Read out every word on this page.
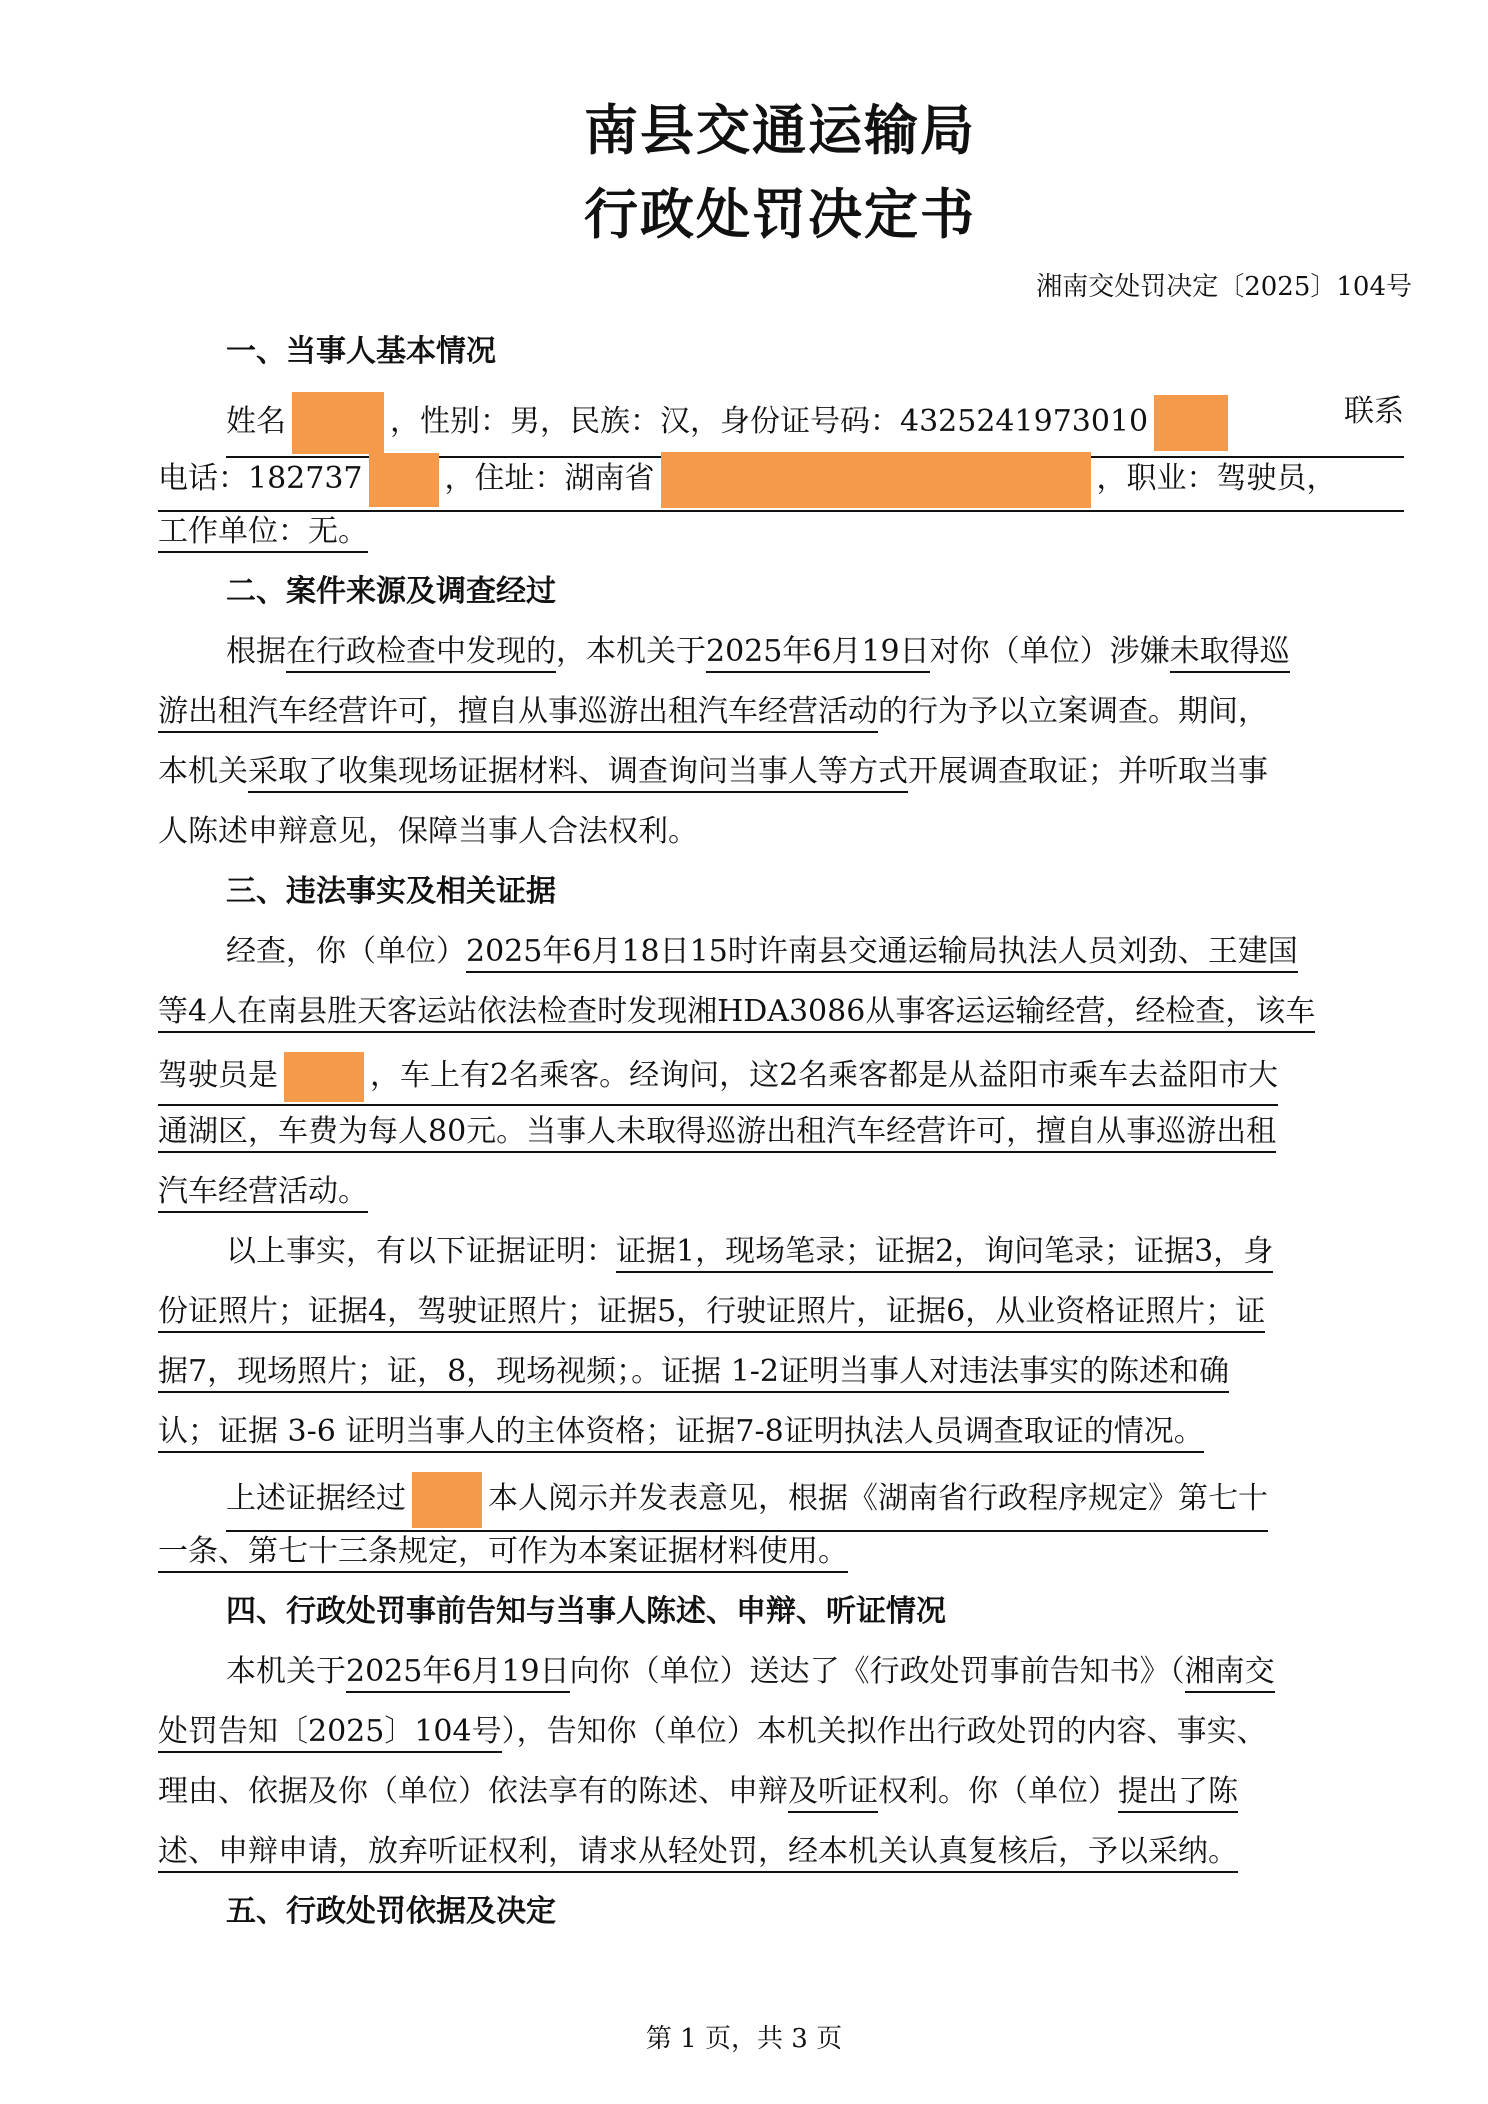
南县交通运输局
行政处罚决定书
湘南交处罚决定〔2025〕104号
一、当事人基本情况
姓名	，性别：男，民族：汉，身份证号码：4325241973010	联系
电话：182737	，住址：湖南省	，职业：驾驶员，
工作单位：无。
二、案件来源及调查经过
根据在行政检查中发现的，本机关于2025年6月19日对你（单位）涉嫌未取得巡
游出租汽车经营许可，擅自从事巡游出租汽车经营活动的行为予以立案调查。期间，
本机关采取了收集现场证据材料、调查询问当事人等方式开展调查取证；并听取当事
人陈述申辩意见，保障当事人合法权利。
三、违法事实及相关证据
经查，你（单位）2025年6月18日15时许南县交通运输局执法人员刘劲、王建国
等4人在南县胜天客运站依法检查时发现湘HDA3086从事客运运输经营，经检查，该车
驾驶员是	，车上有2名乘客。经询问，这2名乘客都是从益阳市乘车去益阳市大
通湖区，车费为每人80元。当事人未取得巡游出租汽车经营许可，擅自从事巡游出租
汽车经营活动。
以上事实，有以下证据证明：证据1，现场笔录；证据2，询问笔录；证据3，身
份证照片；证据4，驾驶证照片；证据5，行驶证照片，证据6，从业资格证照片；证
据7，现场照片；证，8，现场视频；。证据 1-2证明当事人对违法事实的陈述和确
认；证据 3-6 证明当事人的主体资格；证据7-8证明执法人员调查取证的情况。
上述证据经过	本人阅示并发表意见，根据《湖南省行政程序规定》第七十
一条、第七十三条规定，可作为本案证据材料使用。
四、行政处罚事前告知与当事人陈述、申辩、听证情况
本机关于2025年6月19日向你（单位）送达了《行政处罚事前告知书》（湘南交
处罚告知〔2025〕104号），告知你（单位）本机关拟作出行政处罚的内容、事实、
理由、依据及你（单位）依法享有的陈述、申辩及听证权利。你（单位）提出了陈
述、申辩申请，放弃听证权利，请求从轻处罚，经本机关认真复核后，予以采纳。
五、行政处罚依据及决定
第 1 页，共 3 页
